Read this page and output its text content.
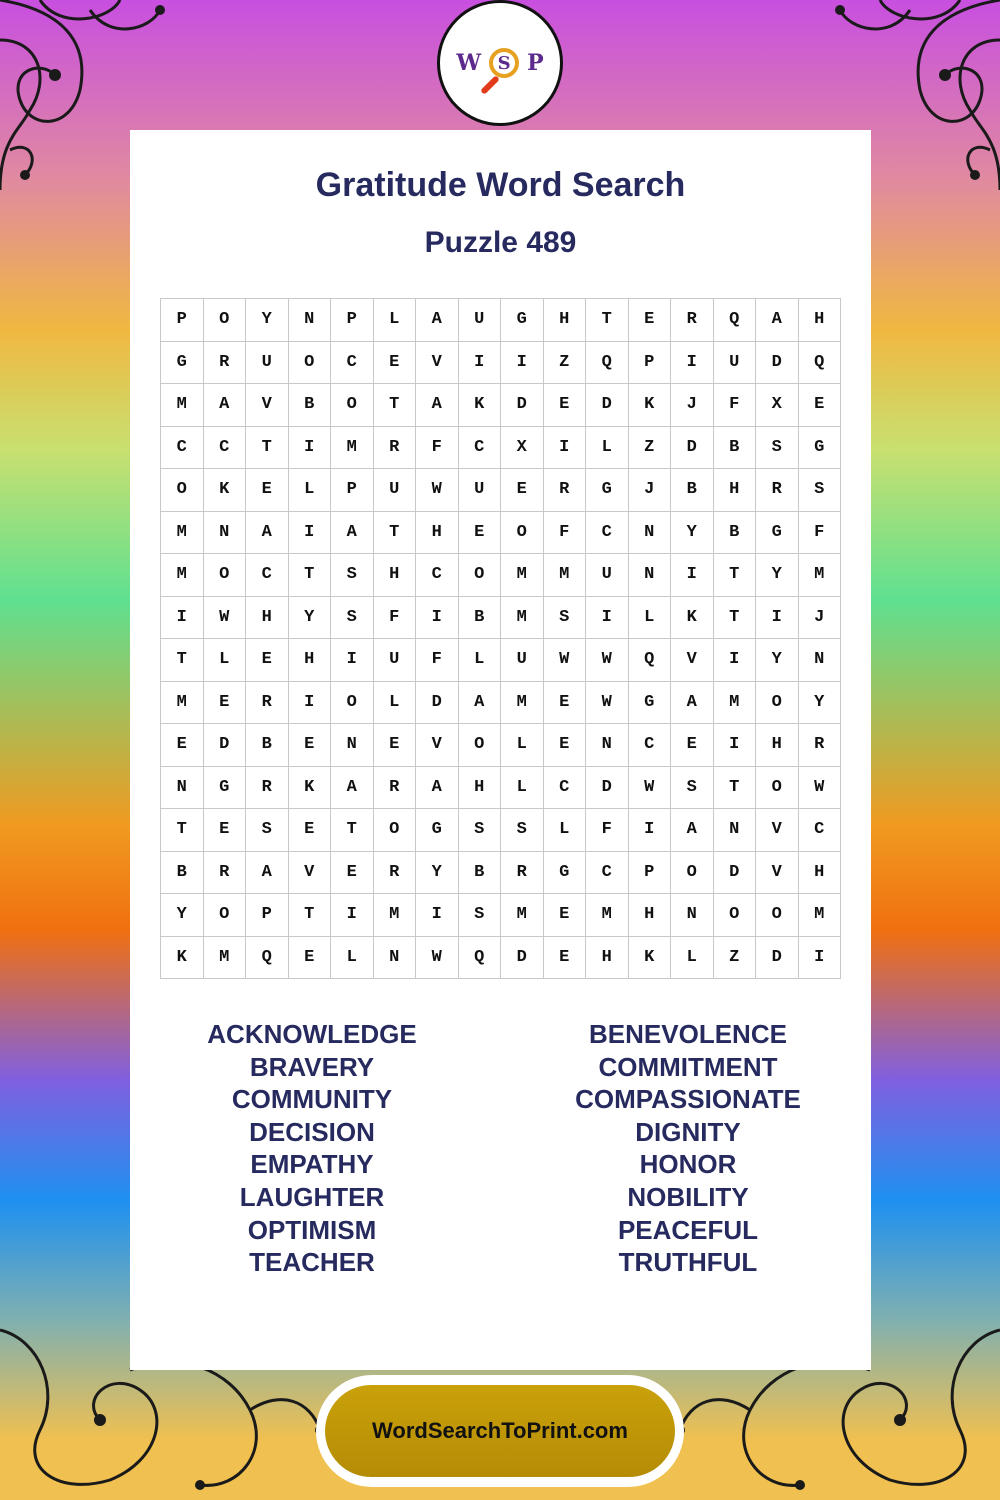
W S P
Gratitude Word Search
Puzzle 489
P	O	Y	N	P	L	A	U	G	H	T	E	R	Q	A	H
G	R	U	O	C	E	V	I	I	Z	Q	P	I	U	D	Q
M	A	V	B	O	T	A	K	D	E	D	K	J	F	X	E
C	C	T	I	M	R	F	C	X	I	L	Z	D	B	S	G
O	K	E	L	P	U	W	U	E	R	G	J	B	H	R	S
M	N	A	I	A	T	H	E	O	F	C	N	Y	B	G	F
M	O	C	T	S	H	C	O	M	M	U	N	I	T	Y	M
I	W	H	Y	S	F	I	B	M	S	I	L	K	T	I	J
T	L	E	H	I	U	F	L	U	W	W	Q	V	I	Y	N
M	E	R	I	O	L	D	A	M	E	W	G	A	M	O	Y
E	D	B	E	N	E	V	O	L	E	N	C	E	I	H	R
N	G	R	K	A	R	A	H	L	C	D	W	S	T	O	W
T	E	S	E	T	O	G	S	S	L	F	I	A	N	V	C
B	R	A	V	E	R	Y	B	R	G	C	P	O	D	V	H
Y	O	P	T	I	M	I	S	M	E	M	H	N	O	O	M
K	M	Q	E	L	N	W	Q	D	E	H	K	L	Z	D	I
ACKNOWLEDGE
BRAVERY
COMMUNITY
DECISION
EMPATHY
LAUGHTER
OPTIMISM
TEACHER
BENEVOLENCE
COMMITMENT
COMPASSIONATE
DIGNITY
HONOR
NOBILITY
PEACEFUL
TRUTHFUL
WordSearchToPrint.com
